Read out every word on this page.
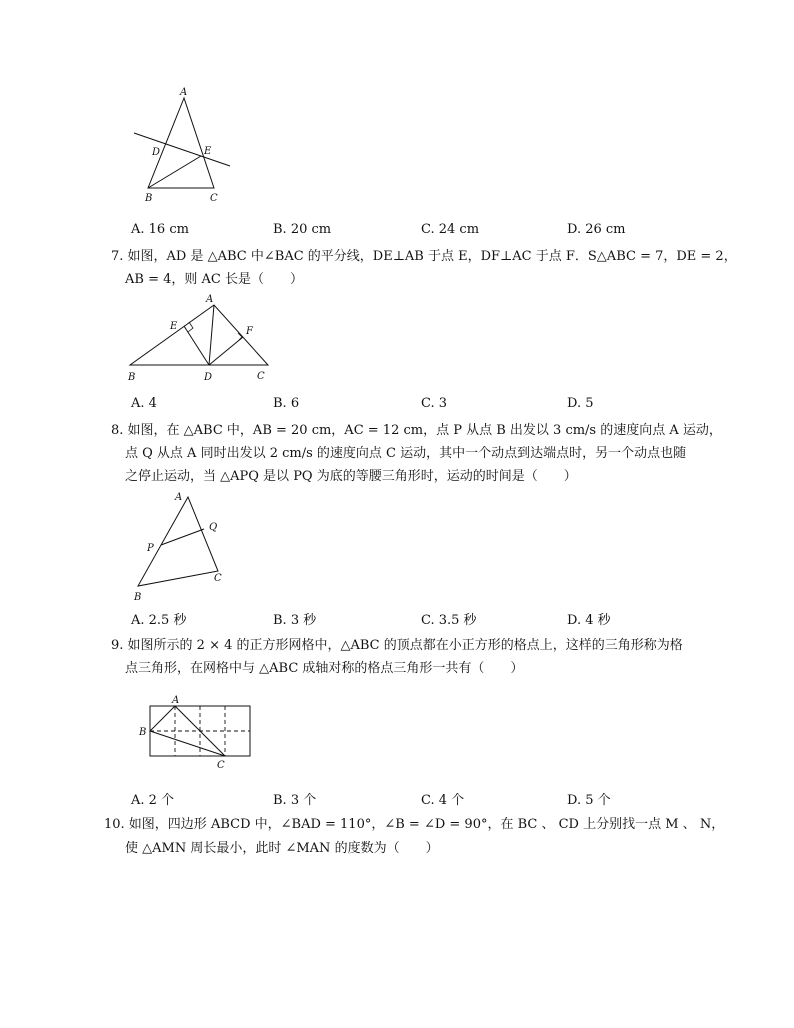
A
D	E
B	C
A. 16 cm	B. 20 cm	C. 24 cm	D. 26 cm
7. 如图，AD 是 △ABC 中∠BAC 的平分线，DE⊥AB 于点 E，DF⊥AC 于点 F．S△ABC = 7，DE = 2，
AB = 4，则 AC 长是（　　）
A
E	F
B	D	C
A. 4	B. 6	C. 3	D. 5
8. 如图，在 △ABC 中，AB = 20 cm，AC = 12 cm，点 P 从点 B 出发以 3 cm/s 的速度向点 A 运动，
点 Q 从点 A 同时出发以 2 cm/s 的速度向点 C 运动，其中一个动点到达端点时，另一个动点也随
之停止运动，当 △APQ 是以 PQ 为底的等腰三角形时，运动的时间是（　　）
A
Q
P
C
B
A. 2.5 秒	B. 3 秒	C. 3.5 秒	D. 4 秒
9. 如图所示的 2 × 4 的正方形网格中，△ABC 的顶点都在小正方形的格点上，这样的三角形称为格
点三角形，在网格中与 △ABC 成轴对称的格点三角形一共有（　　）
A
B
C
A. 2 个	B. 3 个	C. 4 个	D. 5 个
10. 如图，四边形 ABCD 中，∠BAD = 110°，∠B = ∠D = 90°，在 BC 、 CD 上分别找一点 M 、 N，
使 △AMN 周长最小，此时 ∠MAN 的度数为（　　）
